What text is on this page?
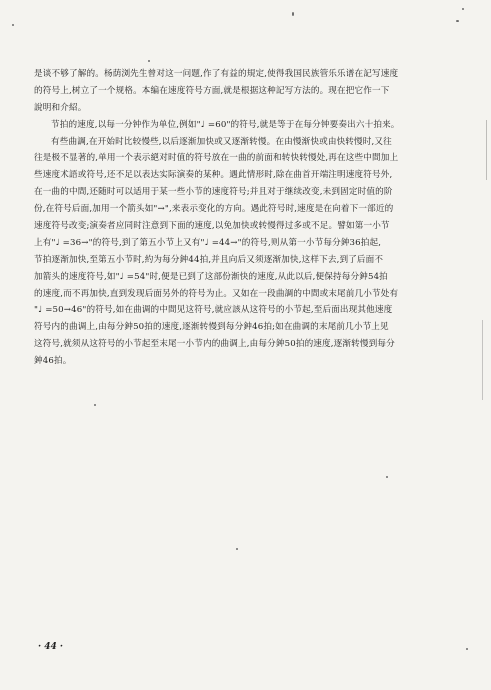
是谈不够了解的。杨荫浏先生曾对这一问题,作了有益的規定,使得我国民族管乐乐谱在記写速度
的符号上,树立了一个规格。本编在速度符号方面,就是根据这种記写方法的。现在把它作一下
說明和介紹。
节拍的速度,以每一分钟作为单位,例如"♩ =60"的符号,就是等于在每分钟要奏出六十拍来。
有些曲調,在开始时比较慢些,以后逐渐加快或又逐渐转慢。在由慢渐快或由快转慢时,又往
往是极不显著的,单用一个表示絕对时值的符号放在一曲的前面和转快转慢处,再在这些中間加上
些速度术語或符号,还不足以表达实际演奏的某种。遇此情形时,除在曲首开端注明速度符号外,
在一曲的中間,还随时可以适用于某一些小节的速度符号;并且对于继续改变,未到固定时值的阶
份,在符号后面,加用一个箭头如"→",来表示变化的方向。遇此符号时,速度是在向着下一部近的
速度符号改变;演奏者应同时注意到下面的速度,以免加快或转慢得过多或不足。譬如第一小节
上有"♩ =36→"的符号,到了第五小节上又有"♩ =44→"的符号,则从第一小节每分鈡36拍起,
节拍逐渐加快,至第五小节时,約为每分鈡44拍,并且向后又须逐渐加快,这样下去,到了后面不
加箭头的速度符号,如"♩ =54"时,便是已到了这部份渐快的速度,从此以后,便保持每分鈡54拍
的速度,而不再加快,直到发现后面另外的符号为止。又如在一段曲調的中間或末尾前几小节处有
"♩ =50→46"的符号,如在曲调的中間见这符号,就应該从这符号的小节起,至后面出现其他速度
符号内的曲调上,由每分鈡50拍的速度,逐渐转慢到每分鈡46拍;如在曲调的末尾前几小节上见
这符号,就须从这符号的小节起至末尾一小节内的曲调上,由每分鈡50拍的速度,逐渐转慢到每分
鈡46拍。
· 44 ·
